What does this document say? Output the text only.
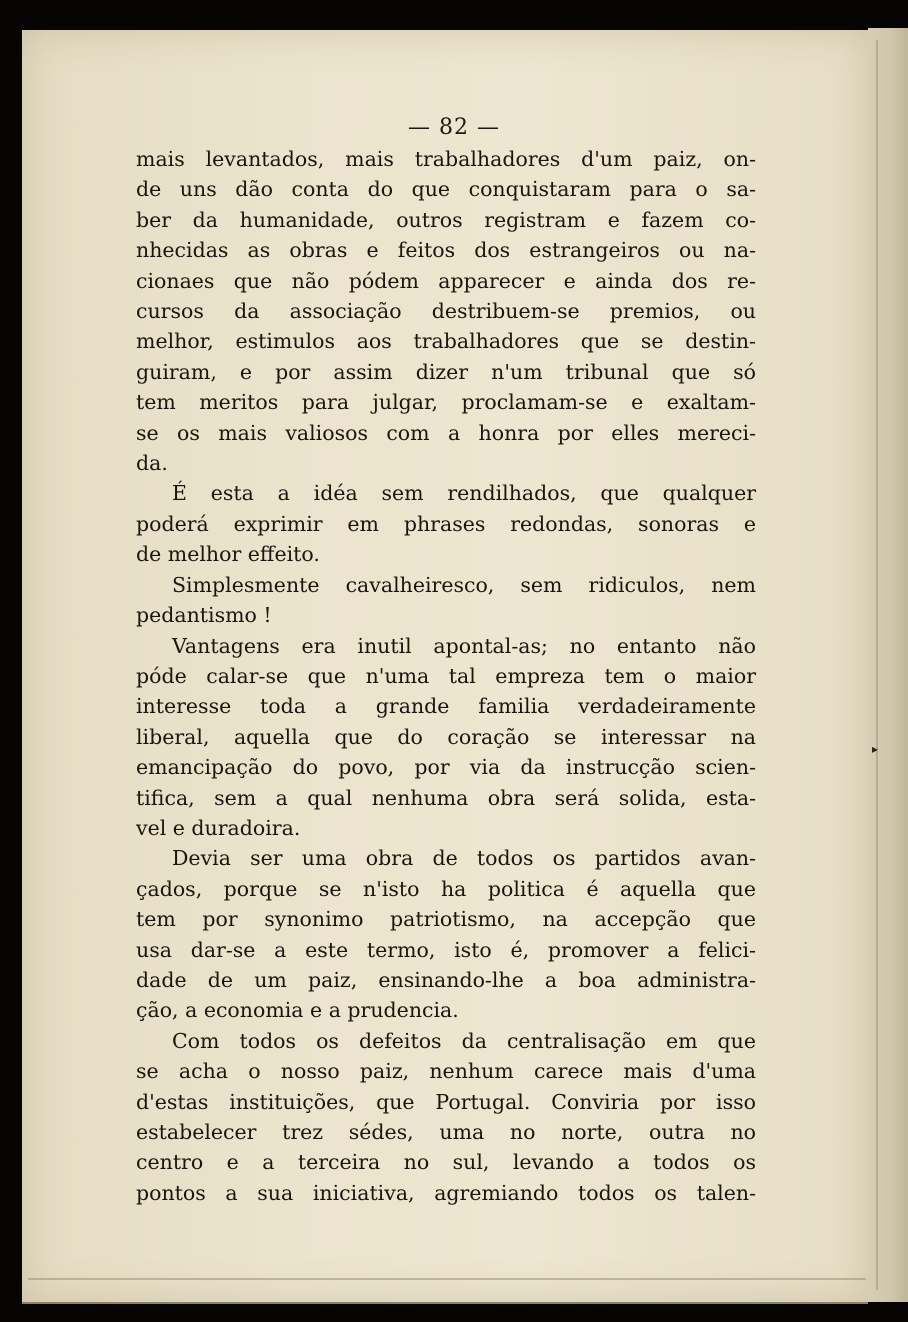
▸
— 82 —
mais levantados, mais trabalhadores d'um paiz, on-
de uns dão conta do que conquistaram para o sa-
ber da humanidade, outros registram e fazem co-
nhecidas as obras e feitos dos estrangeiros ou na-
cionaes que não pódem apparecer e ainda dos re-
cursos da associação destribuem-se premios, ou
melhor, estimulos aos trabalhadores que se destin-
guiram, e por assim dizer n'um tribunal que só
tem meritos para julgar, proclamam-se e exaltam-
se os mais valiosos com a honra por elles mereci-
da.
É esta a idéa sem rendilhados, que qualquer
poderá exprimir em phrases redondas, sonoras e
de melhor effeito.
Simplesmente cavalheiresco, sem ridiculos, nem
pedantismo !
Vantagens era inutil apontal-as; no entanto não
póde calar-se que n'uma tal empreza tem o maior
interesse toda a grande familia verdadeiramente
liberal, aquella que do coração se interessar na
emancipação do povo, por via da instrucção scien-
tifica, sem a qual nenhuma obra será solida, esta-
vel e duradoira.
Devia ser uma obra de todos os partidos avan-
çados, porque se n'isto ha politica é aquella que
tem por synonimo patriotismo, na accepção que
usa dar-se a este termo, isto é, promover a felici-
dade de um paiz, ensinando-lhe a boa administra-
ção, a economia e a prudencia.
Com todos os defeitos da centralisação em que
se acha o nosso paiz, nenhum carece mais d'uma
d'estas instituições, que Portugal. Conviria por isso
estabelecer trez sédes, uma no norte, outra no
centro e a terceira no sul, levando a todos os
pontos a sua iniciativa, agremiando todos os talen-
